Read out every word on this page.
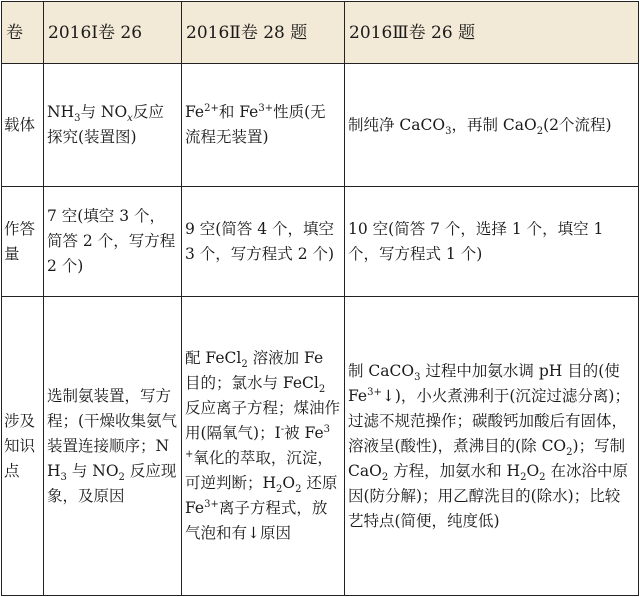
卷	2016Ⅰ卷 26	2016Ⅱ卷 28 题	2016Ⅲ卷 26 题
载体	$NH_3$与 $NO_x$反应探究(装置图)	$Fe^{2+}$和 $Fe^{3+}$性质(无流程无装置)	制纯净 CaCO$_3$，再制 CaO$_2$(2个流程)
作答量	7 空(填空 3 个，简答 2 个，写方程 2 个)	9 空(简答 4 个，填空 3 个，写方程式 2 个)	10 空(简答 7 个，选择 1 个，填空 1 个，写方程式 1 个)
涉及知识点	选制氨装置，写方程；(干燥收集氨气装置连接顺序；$NH_3$ 与 $NO_2$ 反应现象，及原因	配 FeCl$_2$ 溶液加 Fe 目的；氯水与 FeCl$_2$ 反应离子方程；煤油作用(隔氧气)；I-被 $Fe^{3+}$氧化的萃取，沉淀，可逆判断；$H_2O_2$ 还原 $Fe^{3+}$离子方程式，放气泡和有↓原因	制 CaCO$_3$ 过程中加氨水调 pH 目的(使 $Fe^{3+}↓$)，小火煮沸利于(沉淀过滤分离)；过滤不规范操作；碳酸钙加酸后有固体，溶液呈(酸性)，煮沸目的(除 $CO_2$)；写制 CaO$_2$ 方程，加氨水和 $H_2O_2$ 在冰浴中原因(防分解)；用乙醇洗目的(除水)；比较艺特点(简便，纯度低)
